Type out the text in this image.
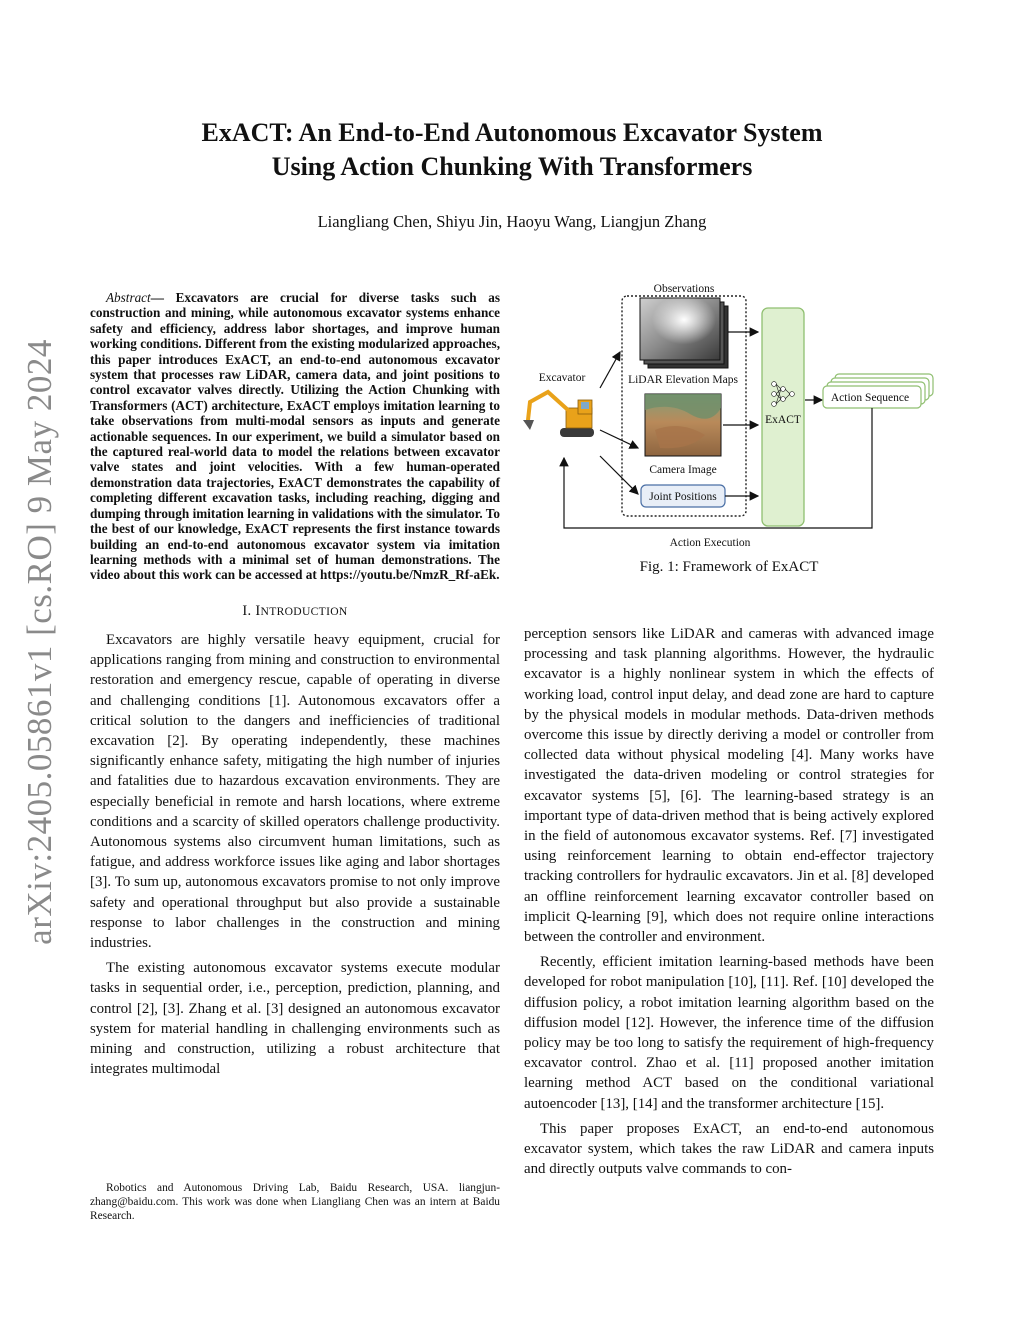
arXiv:2405.05861v1 [cs.RO] 9 May 2024
ExACT: An End-to-End Autonomous Excavator System
Using Action Chunking With Transformers
Liangliang Chen, Shiyu Jin, Haoyu Wang, Liangjun Zhang

Abstract— Excavators are crucial for diverse tasks such as construction and mining, while autonomous excavator systems enhance safety and efficiency, address labor shortages, and improve human working conditions. Different from the existing modularized approaches, this paper introduces ExACT, an end-to-end autonomous excavator system that processes raw LiDAR, camera data, and joint positions to control excavator valves directly. Utilizing the Action Chunking with Transformers (ACT) architecture, ExACT employs imitation learning to take observations from multi-modal sensors as inputs and generate actionable sequences. In our experiment, we build a simulator based on the captured real-world data to model the relations between excavator valve states and joint velocities. With a few human-operated demonstration data trajectories, ExACT demonstrates the capability of completing different excavation tasks, including reaching, digging and dumping through imitation learning in validations with the simulator. To the best of our knowledge, ExACT represents the first instance towards building an end-to-end autonomous excavator system via imitation learning methods with a minimal set of human demonstrations. The video about this work can be accessed at https://youtu.be/NmzR_Rf-aEk.

I. INTRODUCTION

Excavators are highly versatile heavy equipment, crucial for applications ranging from mining and construction to environmental restoration and emergency rescue, capable of operating in diverse and challenging conditions [1]. Autonomous excavators offer a critical solution to the dangers and inefficiencies of traditional excavation [2]. By operating independently, these machines significantly enhance safety, mitigating the high number of injuries and fatalities due to hazardous excavation environments. They are especially beneficial in remote and harsh locations, where extreme conditions and a scarcity of skilled operators challenge productivity. Autonomous systems also circumvent human limitations, such as fatigue, and address workforce issues like aging and labor shortages [3]. To sum up, autonomous excavators promise to not only improve safety and operational throughput but also provide a sustainable response to labor challenges in the construction and mining industries.

The existing autonomous excavator systems execute modular tasks in sequential order, i.e., perception, prediction, planning, and control [2], [3]. Zhang et al. [3] designed an autonomous excavator system for material handling in challenging environments such as mining and construction, utilizing a robust architecture that integrates multimodal

Robotics and Autonomous Driving Lab, Baidu Research, USA. liangjun-zhang@baidu.com. This work was done when Liangliang Chen was an intern at Baidu Research.
Observations
LiDAR Elevation Maps
Camera Image
Joint Positions
Excavator
ExACT
Action Sequence
Action Execution
Fig. 1: Framework of ExACT

perception sensors like LiDAR and cameras with advanced image processing and task planning algorithms. However, the hydraulic excavator is a highly nonlinear system in which the effects of working load, control input delay, and dead zone are hard to capture by the physical models in modular methods. Data-driven methods overcome this issue by directly deriving a model or controller from collected data without physical modeling [4]. Many works have investigated the data-driven modeling or control strategies for excavator systems [5], [6]. The learning-based strategy is an important type of data-driven method that is being actively explored in the field of autonomous excavator systems. Ref. [7] investigated using reinforcement learning to obtain end-effector trajectory tracking controllers for hydraulic excavators. Jin et al. [8] developed an offline reinforcement learning excavator controller based on implicit Q-learning [9], which does not require online interactions between the controller and environment.

Recently, efficient imitation learning-based methods have been developed for robot manipulation [10], [11]. Ref. [10] developed the diffusion policy, a robot imitation learning algorithm based on the diffusion model [12]. However, the inference time of the diffusion policy may be too long to satisfy the requirement of high-frequency excavator control. Zhao et al. [11] proposed another imitation learning method ACT based on the conditional variational autoencoder [13], [14] and the transformer architecture [15].

This paper proposes ExACT, an end-to-end autonomous excavator system, which takes the raw LiDAR and camera inputs and directly outputs valve commands to con-
